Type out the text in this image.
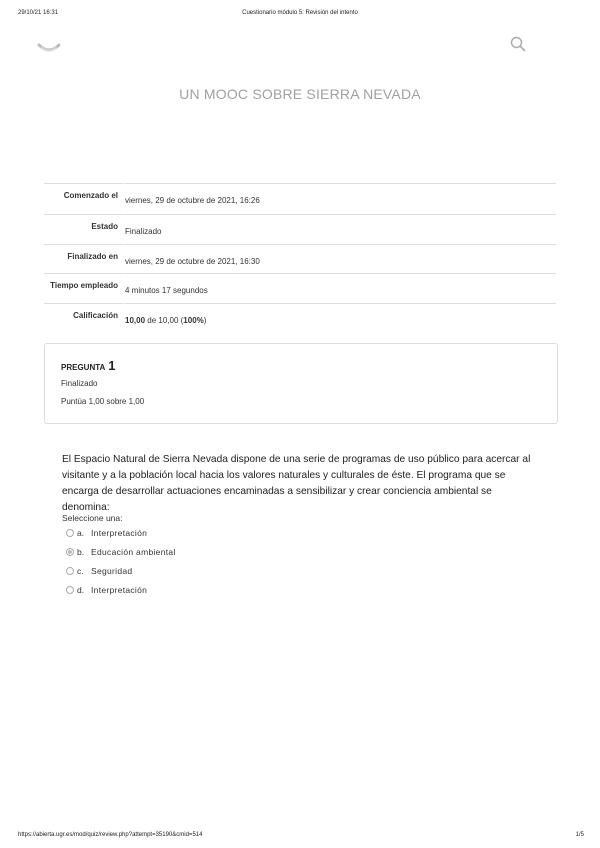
29/10/21 16:31	Cuestionario módulo 5: Revisión del intento
UN MOOC SOBRE SIERRA NEVADA
Comenzado el	viernes, 29 de octubre de 2021, 16:26
Estado	Finalizado
Finalizado en	viernes, 29 de octubre de 2021, 16:30
Tiempo empleado	4 minutos 17 segundos
Calificación	10,00 de 10,00 (100%)
PREGUNTA 1
Finalizado
Puntúa 1,00 sobre 1,00
El Espacio Natural de Sierra Nevada dispone de una serie de programas de uso público para acercar al visitante y a la población local hacia los valores naturales y culturales de éste. El programa que se encarga de desarrollar actuaciones encaminadas a sensibilizar y crear conciencia ambiental se denomina:
Seleccione una:
a. Interpretación
b. Educación ambiental
c. Seguridad
d. Interpretación
https://abierta.ugr.es/mod/quiz/review.php?attempt=35190&cmid=514	1/5
